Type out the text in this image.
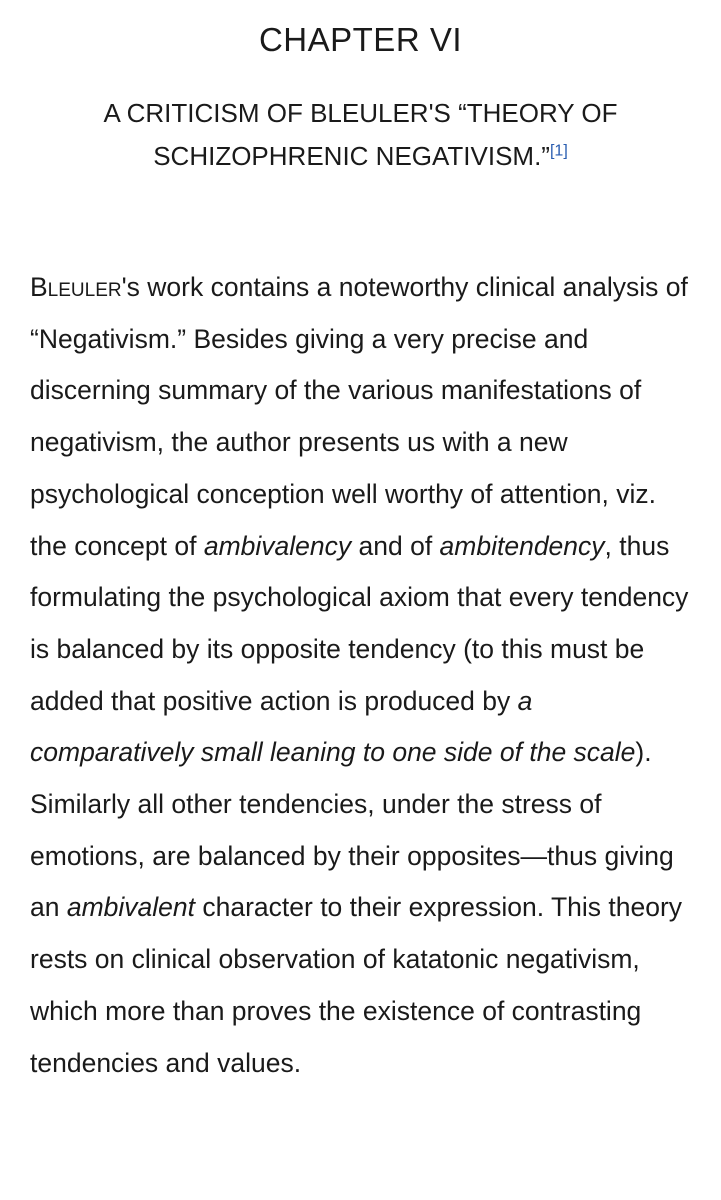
CHAPTER VI
A CRITICISM OF BLEULER'S “THEORY OF
SCHIZOPHRENIC NEGATIVISM.”[1]

Bleuler's work contains a noteworthy clinical analysis of “Negativism.” Besides giving a very precise and discerning summary of the various manifestations of negativism, the author presents us with a new psychological conception well worthy of attention, viz. the concept of ambivalency and of ambitendency, thus formulating the psychological axiom that every tendency is balanced by its opposite tendency (to this must be added that positive action is produced by a comparatively small leaning to one side of the scale). Similarly all other tendencies, under the stress of emotions, are balanced by their opposites—thus giving an ambivalent character to their expression. This theory rests on clinical observation of katatonic negativism, which more than proves the existence of contrasting tendencies and values.
